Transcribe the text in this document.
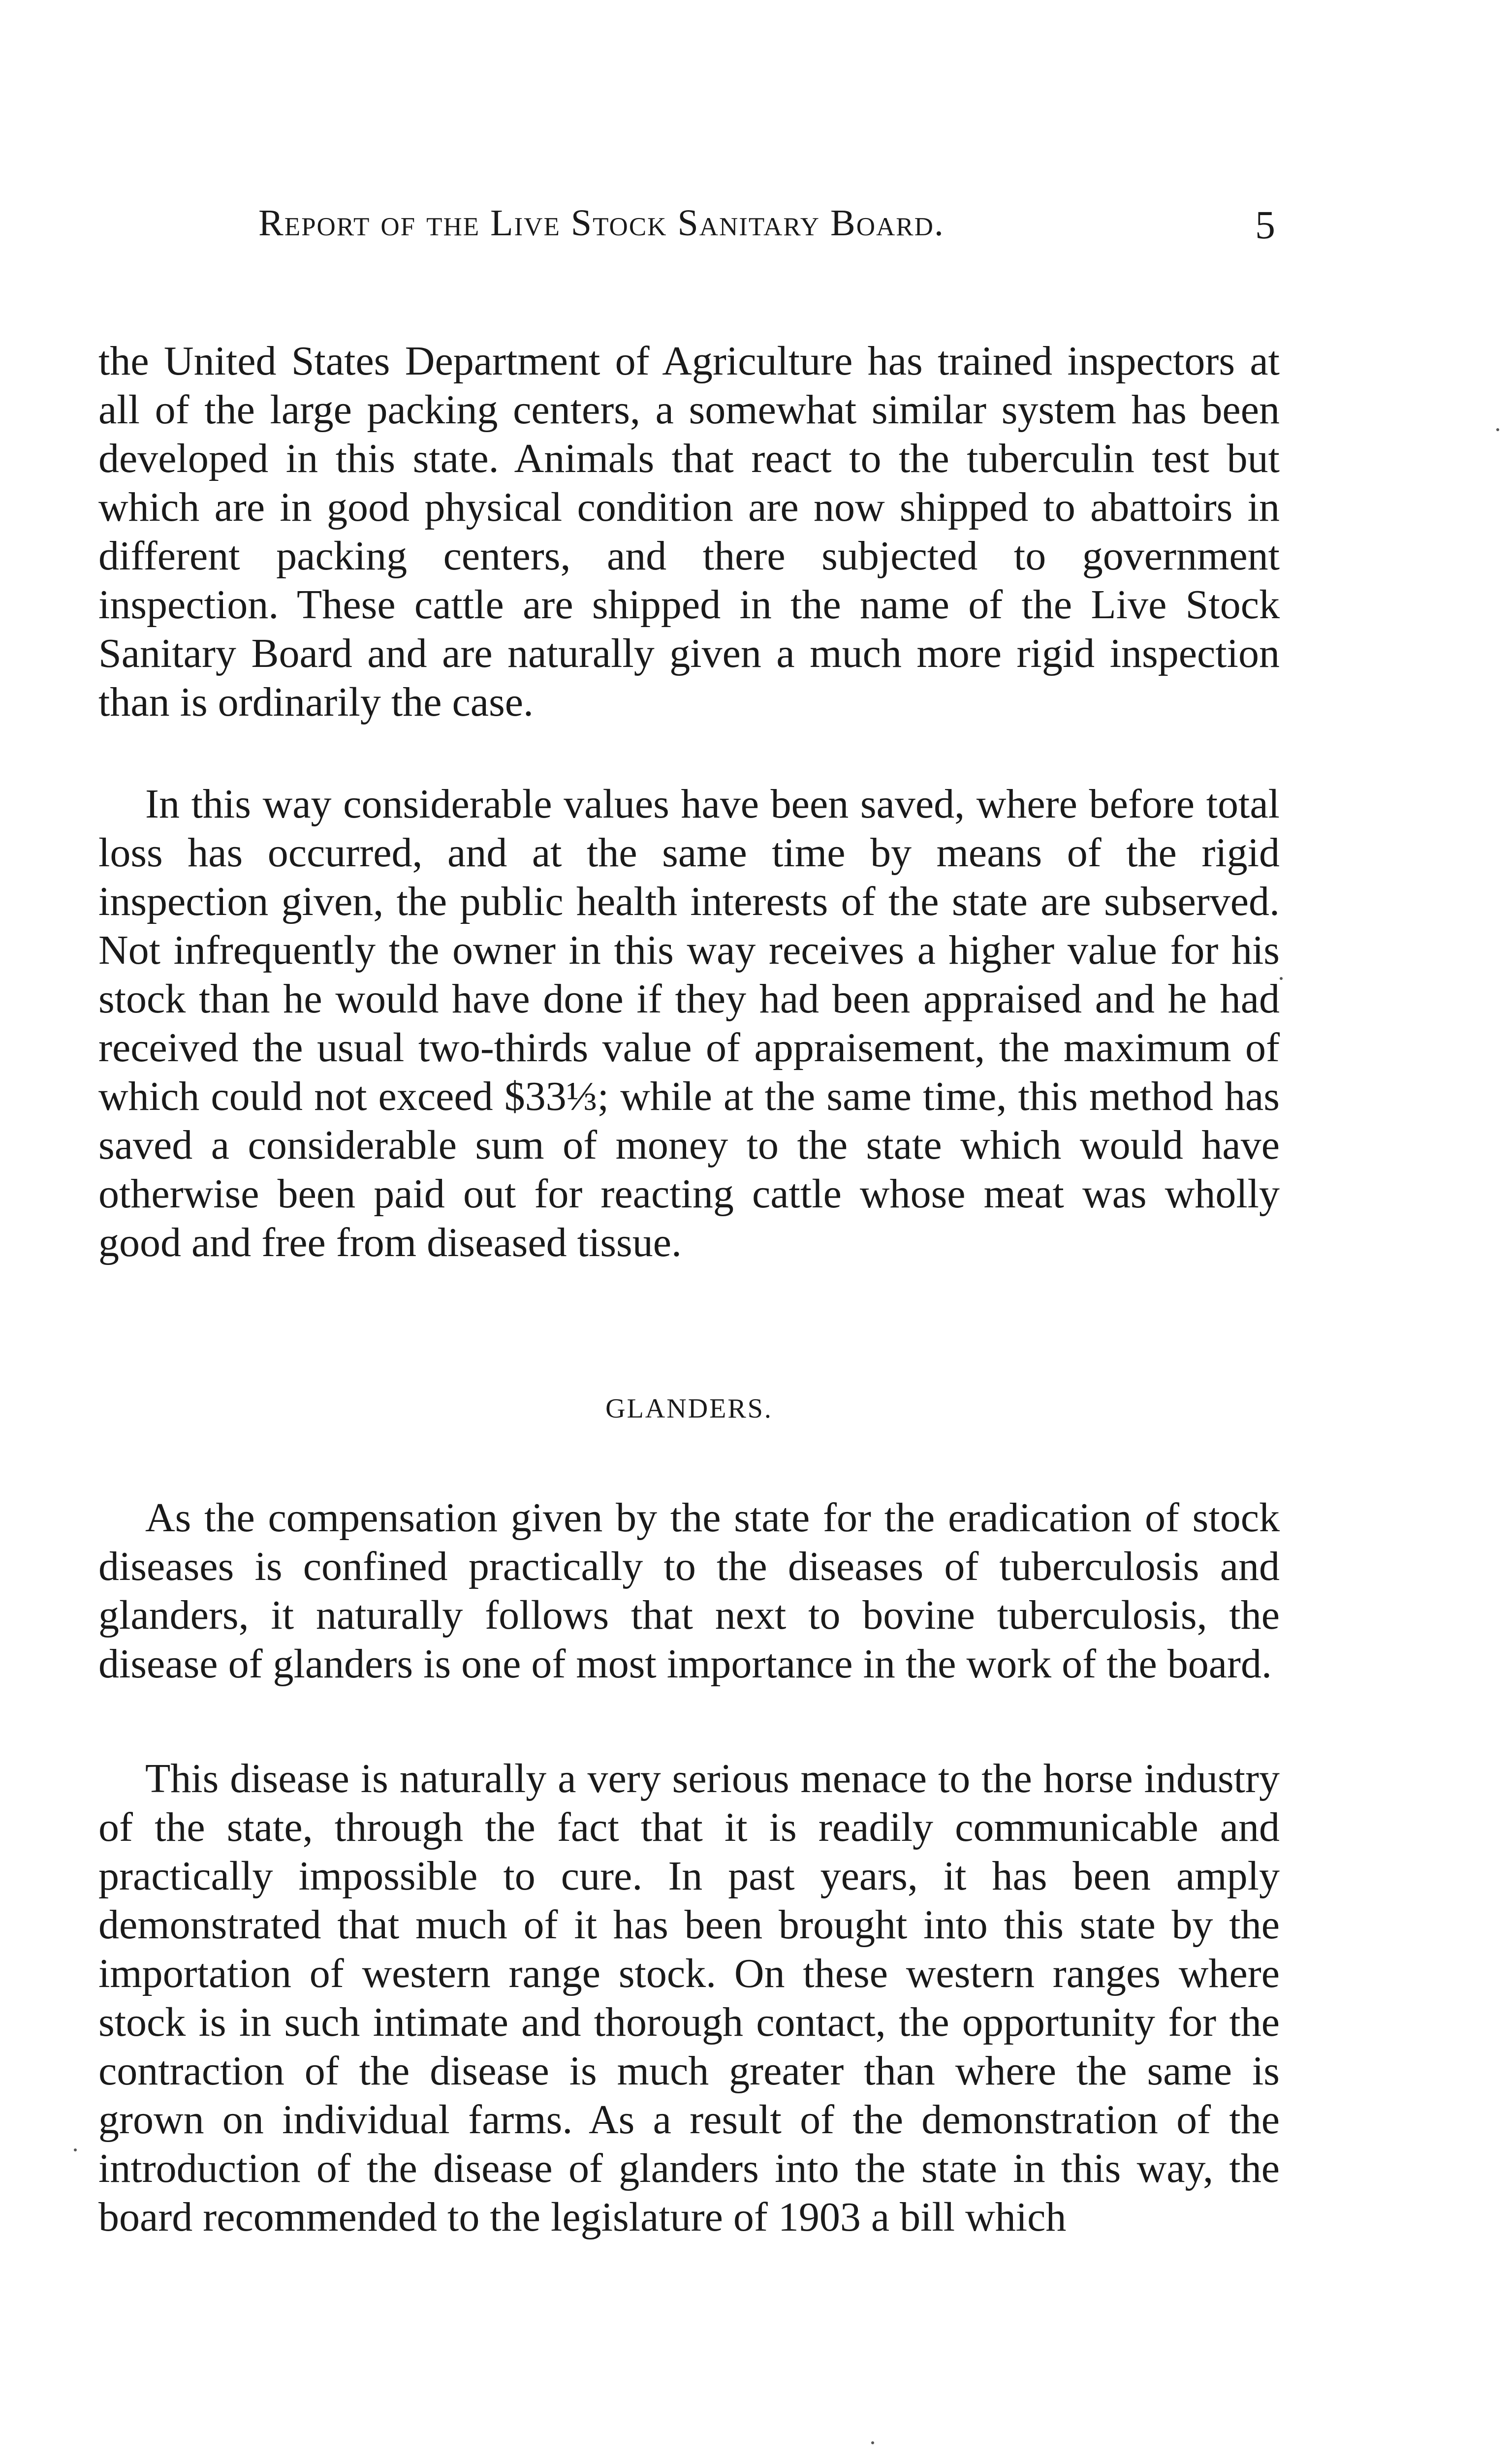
Report of the Live Stock Sanitary Board.	5

the United States Department of Agriculture has trained inspectors at all of the large packing centers, a somewhat similar system has been developed in this state. Animals that react to the tuberculin test but which are in good physical condition are now shipped to abattoirs in different packing centers, and there subjected to government inspection. These cattle are shipped in the name of the Live Stock Sanitary Board and are naturally given a much more rigid inspection than is ordinarily the case.

In this way considerable values have been saved, where before total loss has occurred, and at the same time by means of the rigid inspection given, the public health interests of the state are subserved. Not infrequently the owner in this way receives a higher value for his stock than he would have done if they had been appraised and he had received the usual two-thirds value of appraisement, the maximum of which could not exceed $33⅓; while at the same time, this method has saved a considerable sum of money to the state which would have otherwise been paid out for reacting cattle whose meat was wholly good and free from diseased tissue.

GLANDERS.

As the compensation given by the state for the eradication of stock diseases is confined practically to the diseases of tuberculosis and glanders, it naturally follows that next to bovine tuberculosis, the disease of glanders is one of most importance in the work of the board.

This disease is naturally a very serious menace to the horse industry of the state, through the fact that it is readily communicable and practically impossible to cure. In past years, it has been amply demonstrated that much of it has been brought into this state by the importation of western range stock. On these western ranges where stock is in such intimate and thorough contact, the opportunity for the contraction of the disease is much greater than where the same is grown on individual farms. As a result of the demonstration of the introduction of the disease of glanders into the state in this way, the board recommended to the legislature of 1903 a bill which
